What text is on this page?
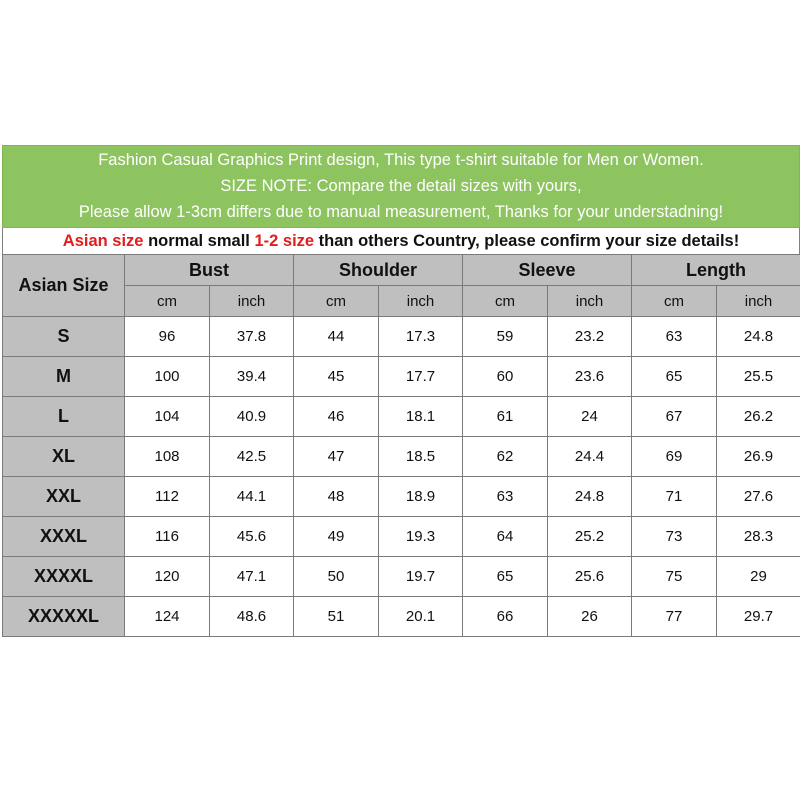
Fashion Casual Graphics Print design, This type t-shirt suitable for Men or Women.
SIZE NOTE: Compare the detail sizes with yours,
Please allow 1-3cm differs due to manual measurement, Thanks for your understadning!
Asian size normal small 1-2 size than others Country, please confirm your size details!
Asian Size	Bust		Shoulder		Sleeve		Length	
	cm	inch	cm	inch	cm	inch	cm	inch
S	96	37.8	44	17.3	59	23.2	63	24.8
M	100	39.4	45	17.7	60	23.6	65	25.5
L	104	40.9	46	18.1	61	24	67	26.2
XL	108	42.5	47	18.5	62	24.4	69	26.9
XXL	112	44.1	48	18.9	63	24.8	71	27.6
XXXL	116	45.6	49	19.3	64	25.2	73	28.3
XXXXL	120	47.1	50	19.7	65	25.6	75	29
XXXXXL	124	48.6	51	20.1	66	26	77	29.7
